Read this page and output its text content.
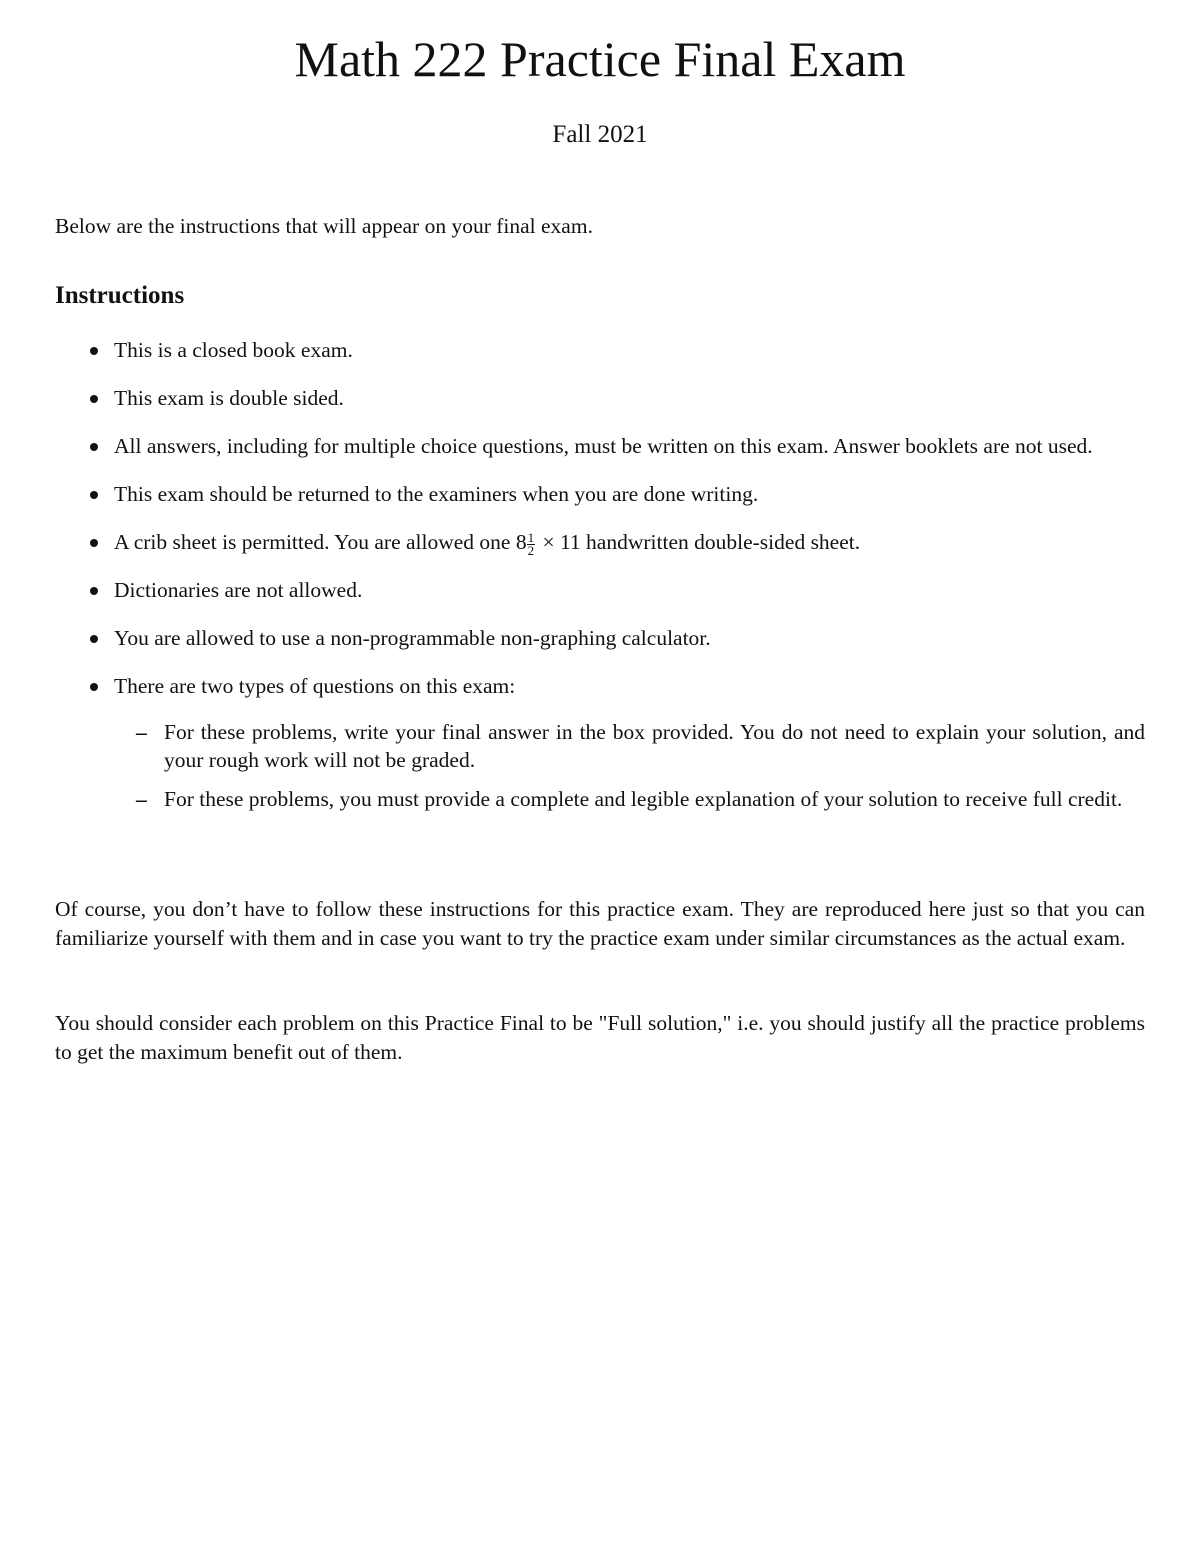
Math 222 Practice Final Exam
Fall 2021

Below are the instructions that will appear on your final exam.

Instructions
This is a closed book exam.
This exam is double sided.
All answers, including for multiple choice questions, must be written on this exam. Answer booklets are not used.
This exam should be returned to the examiners when you are done writing.
A crib sheet is permitted. You are allowed one $8 \frac{1}{2} \times 11$ handwritten double-sided sheet.
Dictionaries are not allowed.
You are allowed to use a non-programmable non-graphing calculator.
There are two types of questions on this exam:
– For these problems, write your final answer in the box provided. You do not need to explain your solution, and your rough work will not be graded.
– For these problems, you must provide a complete and legible explanation of your solution to receive full credit.

Of course, you don’t have to follow these instructions for this practice exam. They are reproduced here just so that you can familiarize yourself with them and in case you want to try the practice exam under similar circumstances as the actual exam.

You should consider each problem on this Practice Final to be "Full solution," i.e. you should justify all the practice problems to get the maximum benefit out of them.
